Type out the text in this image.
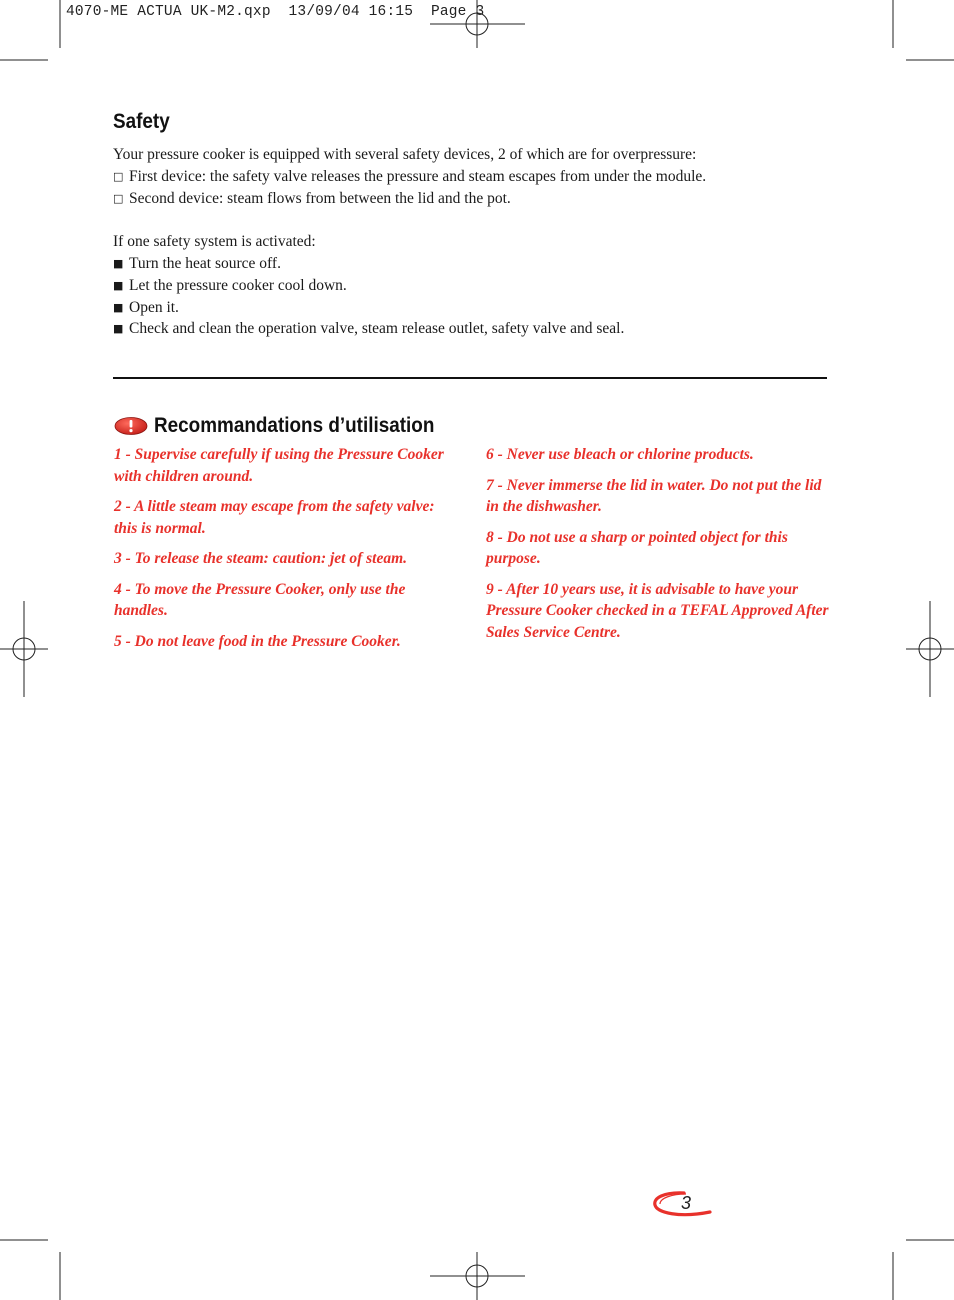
4070-ME ACTUA UK-M2.qxp  13/09/04 16:15  Page 3
Safety

Your pressure cooker is equipped with several safety devices, 2 of which are for overpressure:

□ First device: the safety valve releases the pressure and steam escapes from under the module.

□ Second device: steam flows from between the lid and the pot.

If one safety system is activated:

■ Turn the heat source off.

■ Let the pressure cooker cool down.

■ Open it.

■ Check and clean the operation valve, steam release outlet, safety valve and seal.

Recommandations d’utilisation

1 - Supervise carefully if using the Pressure Cooker with children around.

2 - A little steam may escape from the safety valve: this is normal.

3 - To release the steam: caution: jet of steam.

4 - To move the Pressure Cooker, only use the handles.

5 - Do not leave food in the Pressure Cooker.

6 - Never use bleach or chlorine products.

7 - Never immerse the lid in water. Do not put the lid in the dishwasher.

8 - Do not use a sharp or pointed object for this purpose.

9 - After 10 years use, it is advisable to have your Pressure Cooker checked in a TEFAL Approved After Sales Service Centre.

3
